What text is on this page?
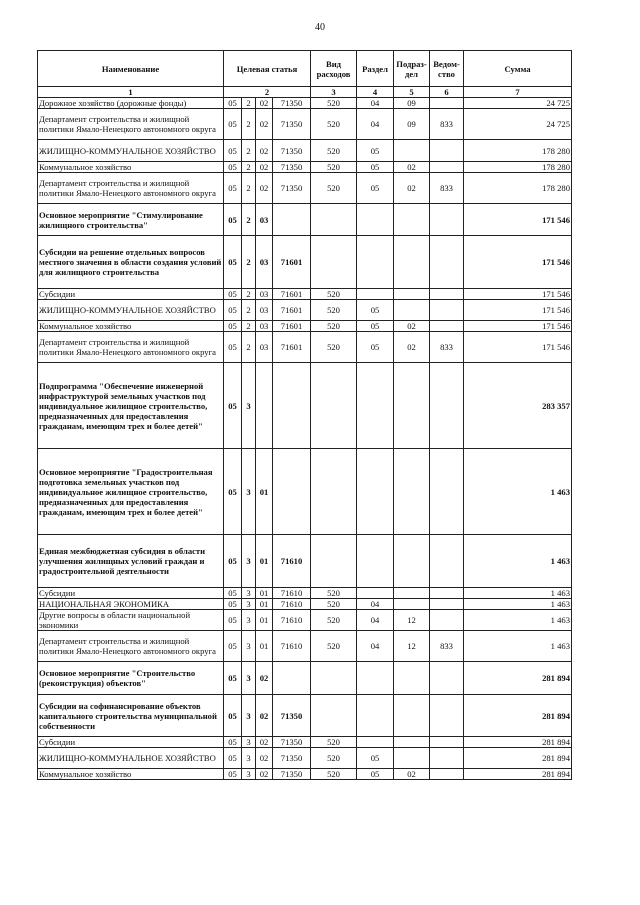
40
Наименование	Целевая статья				Вид расходов	Раздел	Подраз-дел	Ведом-ство	Сумма
1	2				3	4	5	6	7
Дорожное хозяйство (дорожные фонды)	05	2	02	71350	520	04	09		24 725
Департамент строительства и жилищной политики Ямало-Ненецкого автономного округа	05	2	02	71350	520	04	09	833	24 725
ЖИЛИЩНО-КОММУНАЛЬНОЕ ХОЗЯЙСТВО	05	2	02	71350	520	05			178 280
Коммунальное хозяйство	05	2	02	71350	520	05	02		178 280
Департамент строительства и жилищной политики Ямало-Ненецкого автономного округа	05	2	02	71350	520	05	02	833	178 280
Основное мероприятие "Стимулирование жилищного строительства"	05	2	03						171 546
Субсидии на решение отдельных вопросов местного значения в области создания условий для жилищного строительства	05	2	03	71601					171 546
Субсидии	05	2	03	71601	520				171 546
ЖИЛИЩНО-КОММУНАЛЬНОЕ ХОЗЯЙСТВО	05	2	03	71601	520	05			171 546
Коммунальное хозяйство	05	2	03	71601	520	05	02		171 546
Департамент строительства и жилищной политики Ямало-Ненецкого автономного округа	05	2	03	71601	520	05	02	833	171 546
Подпрограмма "Обеспечение инженерной инфраструктурой земельных участков под индивидуальное жилищное строительство, предназначенных для предоставления гражданам, имеющим трех и более детей"	05	3							283 357
Основное мероприятие "Градостроительная подготовка земельных участков под индивидуальное жилищное строительство, предназначенных для предоставления гражданам, имеющим трех и более детей"	05	3	01						1 463
Единая межбюджетная субсидия в области улучшения жилищных условий граждан и градостроительной деятельности	05	3	01	71610					1 463
Субсидии	05	3	01	71610	520				1 463
НАЦИОНАЛЬНАЯ ЭКОНОМИКА	05	3	01	71610	520	04			1 463
Другие вопросы в области национальной экономики	05	3	01	71610	520	04	12		1 463
Департамент строительства и жилищной политики Ямало-Ненецкого автономного округа	05	3	01	71610	520	04	12	833	1 463
Основное мероприятие "Строительство (реконструкция) объектов"	05	3	02						281 894
Субсидии на софинансирование объектов капитального строительства муниципальной собственности	05	3	02	71350					281 894
Субсидии	05	3	02	71350	520				281 894
ЖИЛИЩНО-КОММУНАЛЬНОЕ ХОЗЯЙСТВО	05	3	02	71350	520	05			281 894
Коммунальное хозяйство	05	3	02	71350	520	05	02		281 894
